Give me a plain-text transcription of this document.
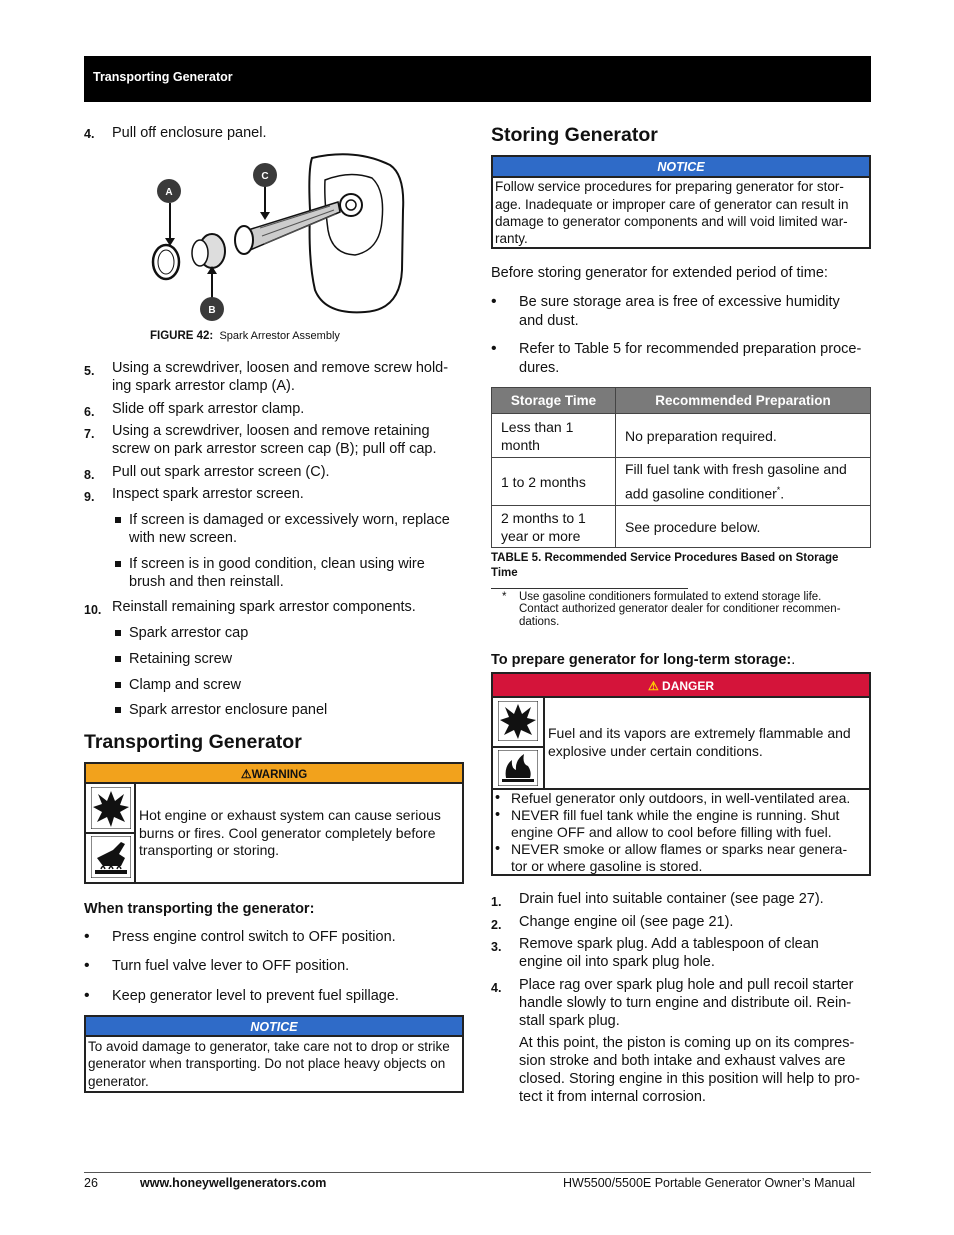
Transporting Generator
4. Pull off enclosure panel.
A
C
B
FIGURE 42: Spark Arrestor Assembly
5. Using a screwdriver, loosen and remove screw hold-
ing spark arrestor clamp (A).
6. Slide off spark arrestor clamp.
7. Using a screwdriver, loosen and remove retaining
screw on park arrestor screen cap (B); pull off cap.
8. Pull out spark arrestor screen (C).
9. Inspect spark arrestor screen.
If screen is damaged or excessively worn, replace
with new screen.
If screen is in good condition, clean using wire
brush and then reinstall.
10. Reinstall remaining spark arrestor components.
Spark arrestor cap
Retaining screw
Clamp and screw
Spark arrestor enclosure panel
Transporting Generator
⚠WARNING
Hot engine or exhaust system can cause serious
burns or fires. Cool generator completely before
transporting or storing.
When transporting the generator:
• Press engine control switch to OFF position.
• Turn fuel valve lever to OFF position.
• Keep generator level to prevent fuel spillage.
NOTICE
To avoid damage to generator, take care not to drop or strike
generator when transporting. Do not place heavy objects on
generator.
Storing Generator
NOTICE
Follow service procedures for preparing generator for stor-
age. Inadequate or improper care of generator can result in
damage to generator components and will void limited war-
ranty.
Before storing generator for extended period of time:
• Be sure storage area is free of excessive humidity
and dust.
• Refer to Table 5 for recommended preparation proce-
dures.
Storage Time	Recommended Preparation
Less than 1
month	No preparation required.
1 to 2 months	Fill fuel tank with fresh gasoline and
add gasoline conditioner*.
2 months to 1
year or more	See procedure below.
TABLE 5. Recommended Service Procedures Based on Storage
Time
* Use gasoline conditioners formulated to extend storage life.
Contact authorized generator dealer for conditioner recommen-
dations.
To prepare generator for long-term storage:.
⚠ DANGER
Fuel and its vapors are extremely flammable and
explosive under certain conditions.
• Refuel generator only outdoors, in well-ventilated area.
• NEVER fill fuel tank while the engine is running. Shut
engine OFF and allow to cool before filling with fuel.
• NEVER smoke or allow flames or sparks near genera-
tor or where gasoline is stored.
1. Drain fuel into suitable container (see page 27).
2. Change engine oil (see page 21).
3. Remove spark plug. Add a tablespoon of clean
engine oil into spark plug hole.
4. Place rag over spark plug hole and pull recoil starter
handle slowly to turn engine and distribute oil. Rein-
stall spark plug.
At this point, the piston is coming up on its compres-
sion stroke and both intake and exhaust valves are
closed. Storing engine in this position will help to pro-
tect it from internal corrosion.
26	www.honeywellgenerators.com	HW5500/5500E Portable Generator Owner’s Manual
